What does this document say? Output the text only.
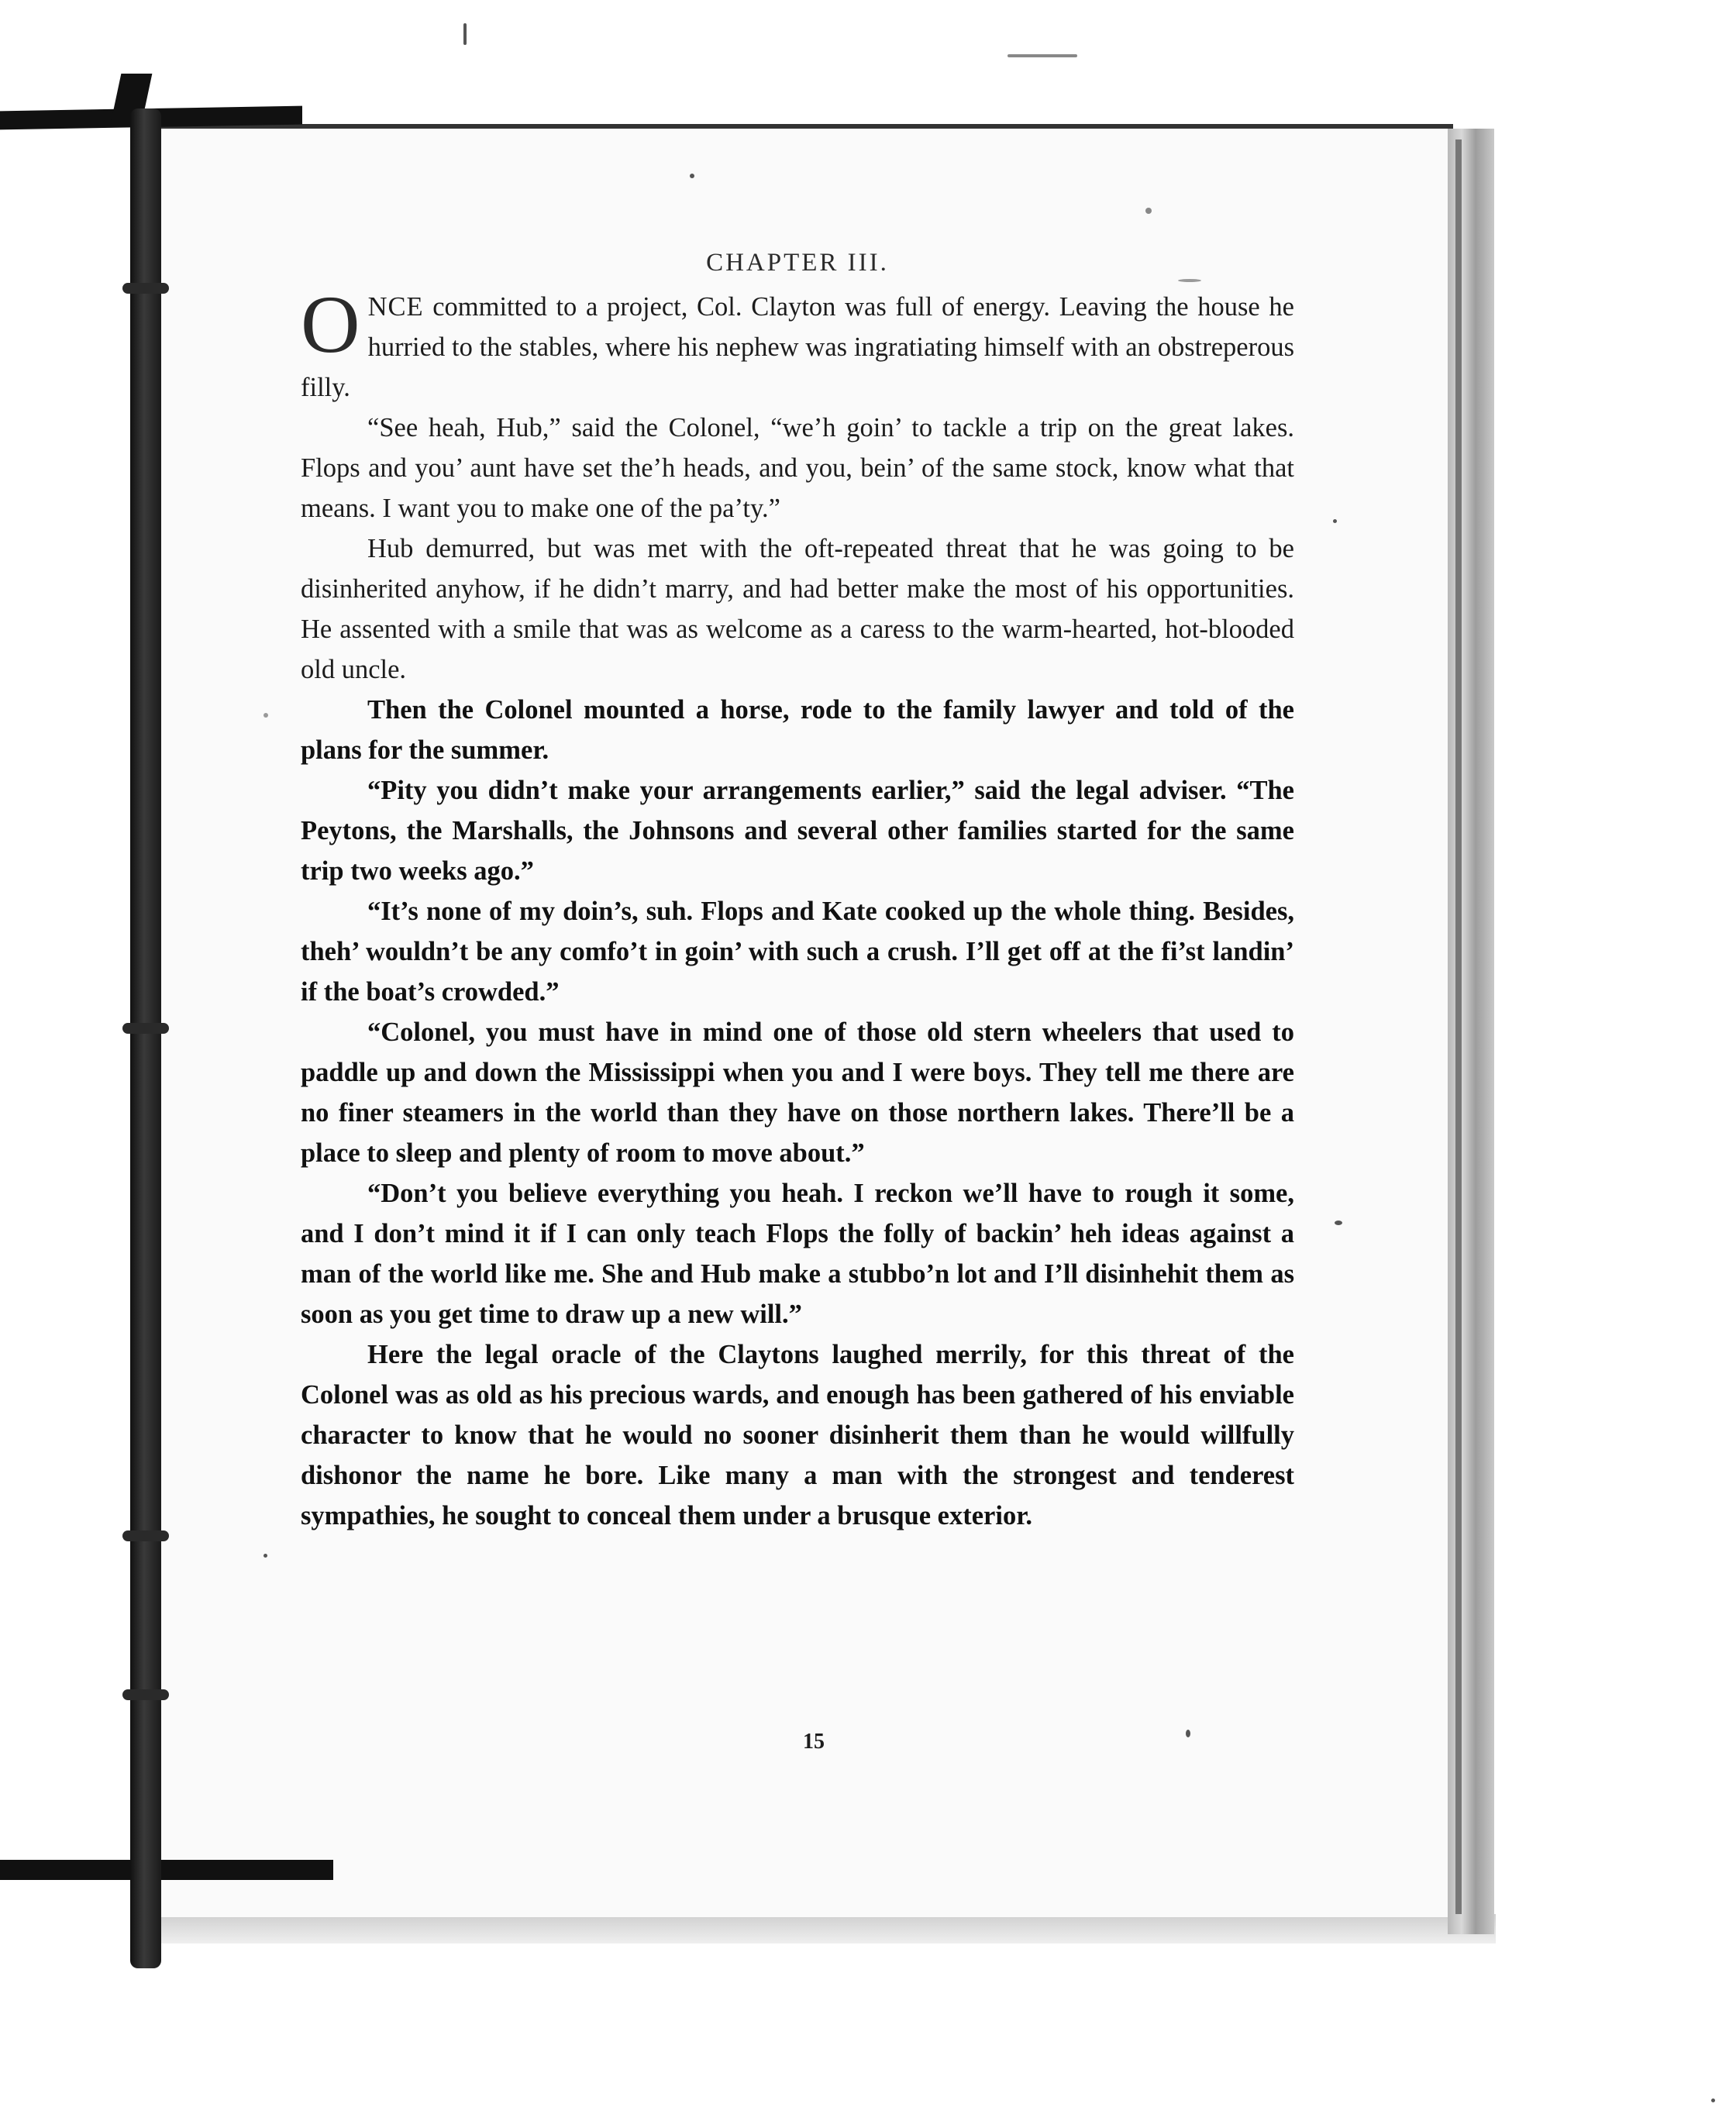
CHAPTER III.

ONCE committed to a project, Col. Clayton was full of energy. Leaving the house he hurried to the stables, where his nephew was ingratiating himself with an obstreperous filly.

“See heah, Hub,” said the Colonel, “we’h goin’ to tackle a trip on the great lakes. Flops and you’ aunt have set the’h heads, and you, bein’ of the same stock, know what that means. I want you to make one of the pa’ty.”

Hub demurred, but was met with the oft-repeated threat that he was going to be disinherited anyhow, if he didn’t marry, and had better make the most of his opportunities. He assented with a smile that was as welcome as a caress to the warm-hearted, hot-blooded old uncle.

Then the Colonel mounted a horse, rode to the family lawyer and told of the plans for the summer.

“Pity you didn’t make your arrangements earlier,” said the legal adviser. “The Peytons, the Marshalls, the Johnsons and several other families started for the same trip two weeks ago.”

“It’s none of my doin’s, suh. Flops and Kate cooked up the whole thing. Besides, theh’ wouldn’t be any comfo’t in goin’ with such a crush. I’ll get off at the fi’st landin’ if the boat’s crowded.”

“Colonel, you must have in mind one of those old stern wheelers that used to paddle up and down the Mississippi when you and I were boys. They tell me there are no finer steamers in the world than they have on those northern lakes. There’ll be a place to sleep and plenty of room to move about.”

“Don’t you believe everything you heah. I reckon we’ll have to rough it some, and I don’t mind it if I can only teach Flops the folly of backin’ heh ideas against a man of the world like me. She and Hub make a stubbo’n lot and I’ll disinhehit them as soon as you get time to draw up a new will.”

Here the legal oracle of the Claytons laughed merrily, for this threat of the Colonel was as old as his precious wards, and enough has been gathered of his enviable character to know that he would no sooner disinherit them than he would willfully dishonor the name he bore. Like many a man with the strongest and tenderest sympathies, he sought to conceal them under a brusque exterior.

15
